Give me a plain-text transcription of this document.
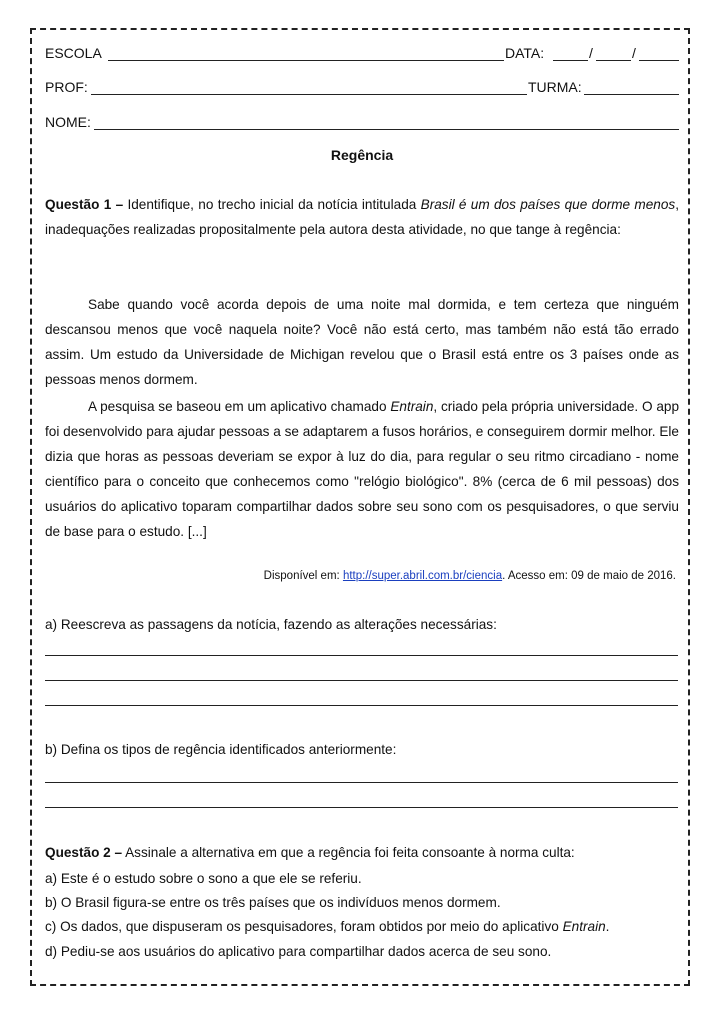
ESCOLA	DATA:	/	/
PROF:	TURMA:
NOME:
Regência
Questão 1 – Identifique, no trecho inicial da notícia intitulada Brasil é um dos países que dorme menos, inadequações realizadas propositalmente pela autora desta atividade, no que tange à regência:
Sabe quando você acorda depois de uma noite mal dormida, e tem certeza que ninguém descansou menos que você naquela noite? Você não está certo, mas também não está tão errado assim. Um estudo da Universidade de Michigan revelou que o Brasil está entre os 3 países onde as pessoas menos dormem.
A pesquisa se baseou em um aplicativo chamado Entrain, criado pela própria universidade. O app foi desenvolvido para ajudar pessoas a se adaptarem a fusos horários, e conseguirem dormir melhor. Ele dizia que horas as pessoas deveriam se expor à luz do dia, para regular o seu ritmo circadiano - nome científico para o conceito que conhecemos como "relógio biológico". 8% (cerca de 6 mil pessoas) dos usuários do aplicativo toparam compartilhar dados sobre seu sono com os pesquisadores, o que serviu de base para o estudo. [...]
Disponível em: http://super.abril.com.br/ciencia. Acesso em: 09 de maio de 2016.
a) Reescreva as passagens da notícia, fazendo as alterações necessárias:
b) Defina os tipos de regência identificados anteriormente:
Questão 2 – Assinale a alternativa em que a regência foi feita consoante à norma culta:
a) Este é o estudo sobre o sono a que ele se referiu.
b) O Brasil figura-se entre os três países que os indivíduos menos dormem.
c) Os dados, que dispuseram os pesquisadores, foram obtidos por meio do aplicativo Entrain.
d) Pediu-se aos usuários do aplicativo para compartilhar dados acerca de seu sono.
